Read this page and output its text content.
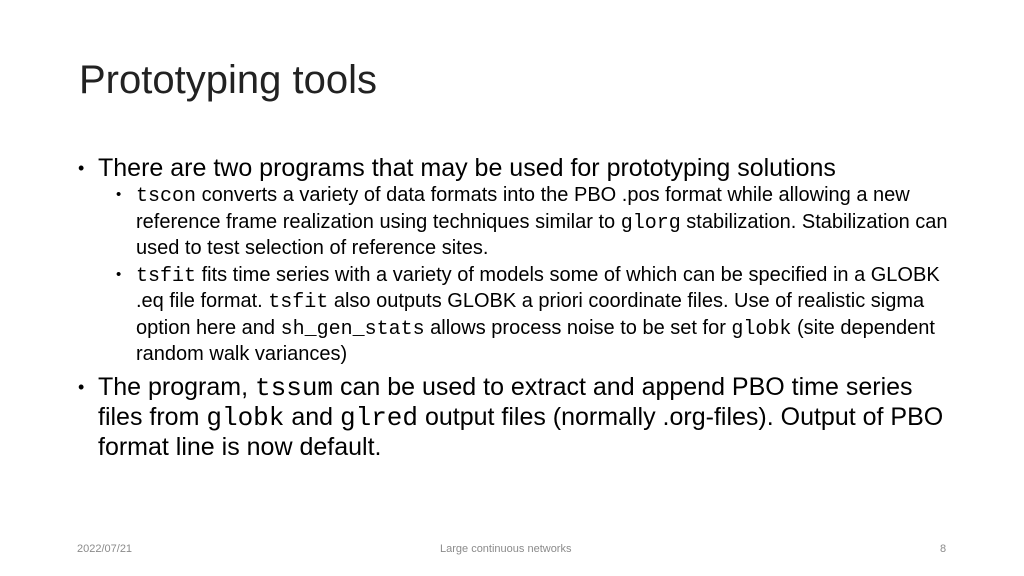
Prototyping tools
• There are two programs that may be used for prototyping solutions
• tscon converts a variety of data formats into the PBO .pos format while allowing a new reference frame realization using techniques similar to glorg stabilization. Stabilization can used to test selection of reference sites.
• tsfit fits time series with a variety of models some of which can be specified in a GLOBK .eq file format. tsfit also outputs GLOBK a priori coordinate files. Use of realistic sigma option here and sh_gen_stats allows process noise to be set for globk (site dependent random walk variances)
• The program, tssum can be used to extract and append PBO time series files from globk and glred output files (normally .org-files). Output of PBO format line is now default.
2022/07/21	Large continuous networks	8
